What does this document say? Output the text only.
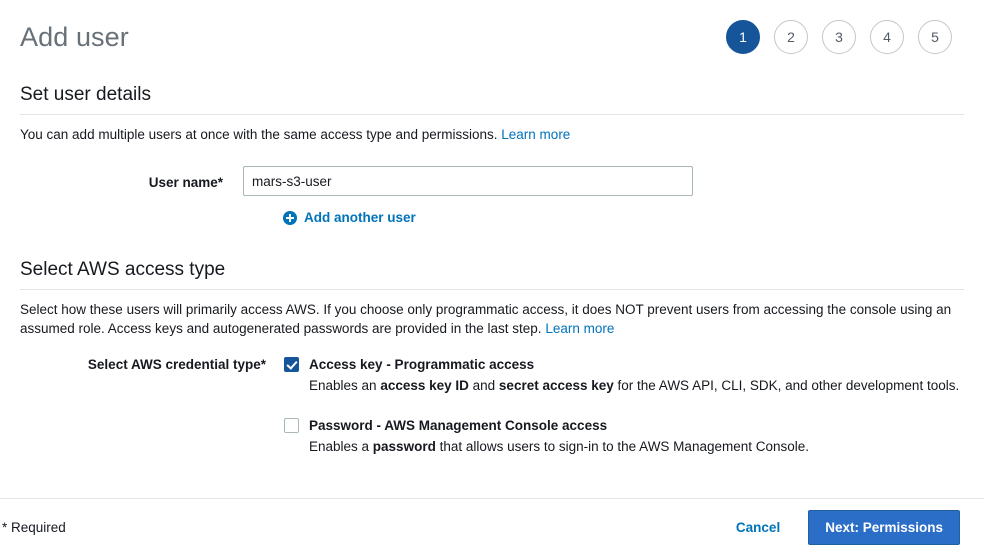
Add user	1	2	3	4	5
Set user details
You can add multiple users at once with the same access type and permissions. Learn more
User name*
mars-s3-user
Add another user
Select AWS access type
Select how these users will primarily access AWS. If you choose only programmatic access, it does NOT prevent users from accessing the console using an assumed role. Access keys and autogenerated passwords are provided in the last step. Learn more
Select AWS credential type*	Access key - Programmatic access
Enables an access key ID and secret access key for the AWS API, CLI, SDK, and other development tools.
Password - AWS Management Console access
Enables a password that allows users to sign-in to the AWS Management Console.
* Required	Cancel	Next: Permissions
